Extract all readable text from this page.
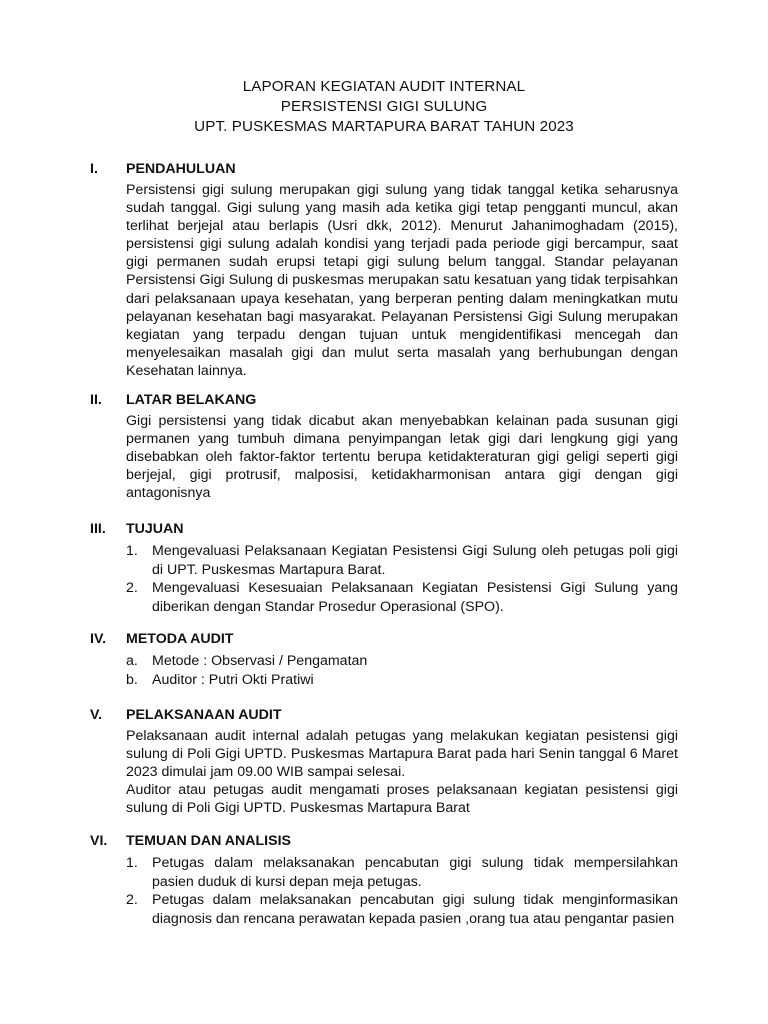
LAPORAN KEGIATAN AUDIT INTERNAL
PERSISTENSI GIGI SULUNG
UPT. PUSKESMAS MARTAPURA BARAT TAHUN 2023
I. PENDAHULUAN
Persistensi gigi sulung merupakan gigi sulung yang tidak tanggal ketika seharusnya sudah tanggal. Gigi sulung yang masih ada ketika gigi tetap pengganti muncul, akan terlihat berjejal atau berlapis (Usri dkk, 2012). Menurut Jahanimoghadam (2015), persistensi gigi sulung adalah kondisi yang terjadi pada periode gigi bercampur, saat gigi permanen sudah erupsi tetapi gigi sulung belum tanggal. Standar pelayanan Persistensi Gigi Sulung di puskesmas merupakan satu kesatuan yang tidak terpisahkan dari pelaksanaan upaya kesehatan, yang berperan penting dalam meningkatkan mutu pelayanan kesehatan bagi masyarakat. Pelayanan Persistensi Gigi Sulung merupakan kegiatan yang terpadu dengan tujuan untuk mengidentifikasi mencegah dan menyelesaikan masalah gigi dan mulut serta masalah yang berhubungan dengan Kesehatan lainnya.
II. LATAR BELAKANG
Gigi persistensi yang tidak dicabut akan menyebabkan kelainan pada susunan gigi permanen yang tumbuh dimana penyimpangan letak gigi dari lengkung gigi yang disebabkan oleh faktor-faktor tertentu berupa ketidakteraturan gigi geligi seperti gigi berjejal, gigi protrusif, malposisi, ketidakharmonisan antara gigi dengan gigi antagonisnya
III. TUJUAN
1. Mengevaluasi Pelaksanaan Kegiatan Pesistensi Gigi Sulung oleh petugas poli gigi di UPT. Puskesmas Martapura Barat.
2. Mengevaluasi Kesesuaian Pelaksanaan Kegiatan Pesistensi Gigi Sulung yang diberikan dengan Standar Prosedur Operasional (SPO).
IV. METODA AUDIT
a. Metode : Observasi / Pengamatan
b. Auditor : Putri Okti Pratiwi
V. PELAKSANAAN AUDIT
Pelaksanaan audit internal adalah petugas yang melakukan kegiatan pesistensi gigi sulung di Poli Gigi UPTD. Puskesmas Martapura Barat pada hari Senin tanggal 6 Maret 2023 dimulai jam 09.00 WIB sampai selesai.
Auditor atau petugas audit mengamati proses pelaksanaan kegiatan pesistensi gigi sulung di Poli Gigi UPTD. Puskesmas Martapura Barat
VI. TEMUAN DAN ANALISIS
1. Petugas dalam melaksanakan pencabutan gigi sulung tidak mempersilahkan pasien duduk di kursi depan meja petugas.
2. Petugas dalam melaksanakan pencabutan gigi sulung tidak menginformasikan diagnosis dan rencana perawatan kepada pasien ,orang tua atau pengantar pasien
